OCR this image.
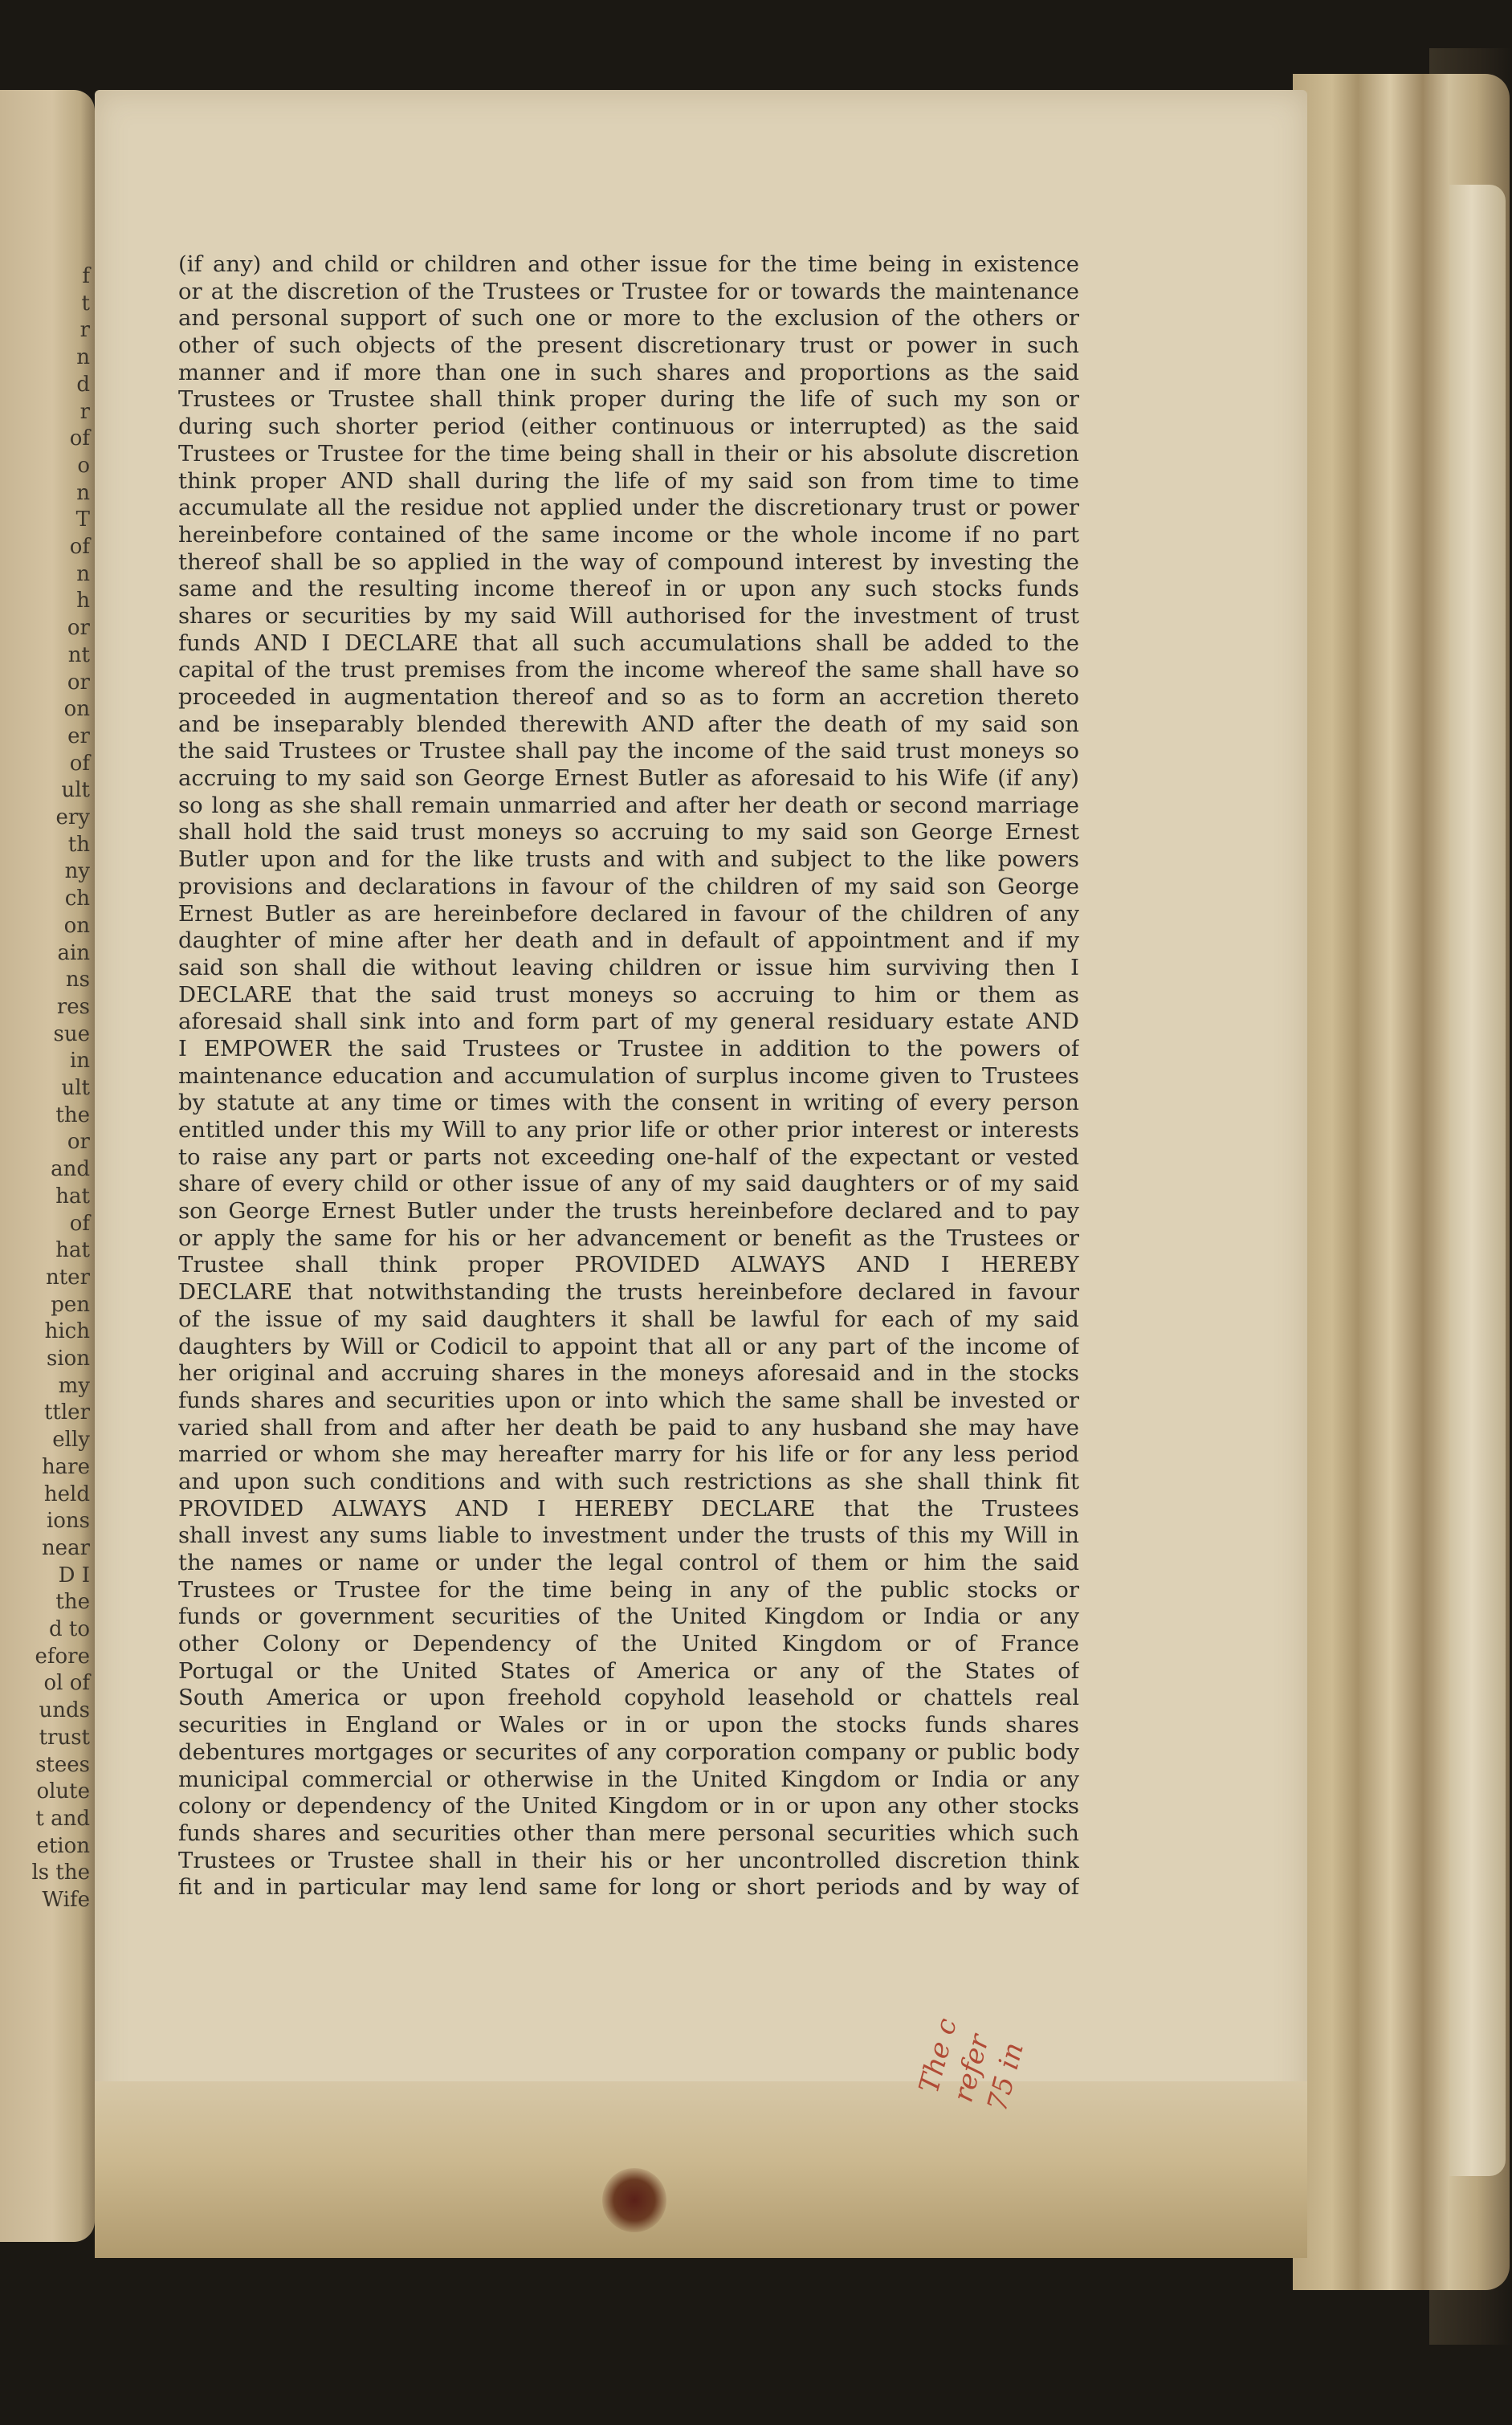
f
t
r
n
d
r
of
o
n
T
of
n
h
or
nt
or
on
er
of
ult
ery
th
ny
ch
on
ain
ns
res
sue
in
ult
the
or
and
hat
of
hat
nter
pen
hich
sion
my
ttler
elly
hare
held
ions
near
D I
the
d to
efore
ol of
unds
trust
stees
olute
t and
etion
ls the
Wife
(if any) and child or children and other issue for the time being in existence
or at the discretion of the Trustees or Trustee for or towards the maintenance
and personal support of such one or more to the exclusion of the others or
other of such objects of the present discretionary trust or power in such
manner and if more than one in such shares and proportions as the said
Trustees or Trustee shall think proper during the life of such my son or
during such shorter period (either continuous or interrupted) as the said
Trustees or Trustee for the time being shall in their or his absolute discretion
think proper AND shall during the life of my said son from time to time
accumulate all the residue not applied under the discretionary trust or power
hereinbefore contained of the same income or the whole income if no part
thereof shall be so applied in the way of compound interest by investing the
same and the resulting income thereof in or upon any such stocks funds
shares or securities by my said Will authorised for the investment of trust
funds AND I DECLARE that all such accumulations shall be added to the
capital of the trust premises from the income whereof the same shall have so
proceeded in augmentation thereof and so as to form an accretion thereto
and be inseparably blended therewith AND after the death of my said son
the said Trustees or Trustee shall pay the income of the said trust moneys so
accruing to my said son George Ernest Butler as aforesaid to his Wife (if any)
so long as she shall remain unmarried and after her death or second marriage
shall hold the said trust moneys so accruing to my said son George Ernest
Butler upon and for the like trusts and with and subject to the like powers
provisions and declarations in favour of the children of my said son George
Ernest Butler as are hereinbefore declared in favour of the children of any
daughter of mine after her death and in default of appointment and if my
said son shall die without leaving children or issue him surviving then I
DECLARE that the said trust moneys so accruing to him or them as
aforesaid shall sink into and form part of my general residuary estate AND
I EMPOWER the said Trustees or Trustee in addition to the powers of
maintenance education and accumulation of surplus income given to Trustees
by statute at any time or times with the consent in writing of every person
entitled under this my Will to any prior life or other prior interest or interests
to raise any part or parts not exceeding one-half of the expectant or vested
share of every child or other issue of any of my said daughters or of my said
son George Ernest Butler under the trusts hereinbefore declared and to pay
or apply the same for his or her advancement or benefit as the Trustees or
Trustee shall think proper PROVIDED ALWAYS AND I HEREBY
DECLARE that notwithstanding the trusts hereinbefore declared in favour
of the issue of my said daughters it shall be lawful for each of my said
daughters by Will or Codicil to appoint that all or any part of the income of
her original and accruing shares in the moneys aforesaid and in the stocks
funds shares and securities upon or into which the same shall be invested or
varied shall from and after her death be paid to any husband she may have
married or whom she may hereafter marry for his life or for any less period
and upon such conditions and with such restrictions as she shall think fit
PROVIDED ALWAYS AND I HEREBY DECLARE that the Trustees
shall invest any sums liable to investment under the trusts of this my Will in
the names or name or under the legal control of them or him the said
Trustees or Trustee for the time being in any of the public stocks or
funds or government securities of the United Kingdom or India or any
other Colony or Dependency of the United Kingdom or of France
Portugal or the United States of America or any of the States of
South America or upon freehold copyhold leasehold or chattels real
securities in England or Wales or in or upon the stocks funds shares
debentures mortgages or securites of any corporation company or public body
municipal commercial or otherwise in the United Kingdom or India or any
colony or dependency of the United Kingdom or in or upon any other stocks
funds shares and securities other than mere personal securities which such
Trustees or Trustee shall in their his or her uncontrolled discretion think
fit and in particular may lend same for long or short periods and by way of
The c
refer
75 in
